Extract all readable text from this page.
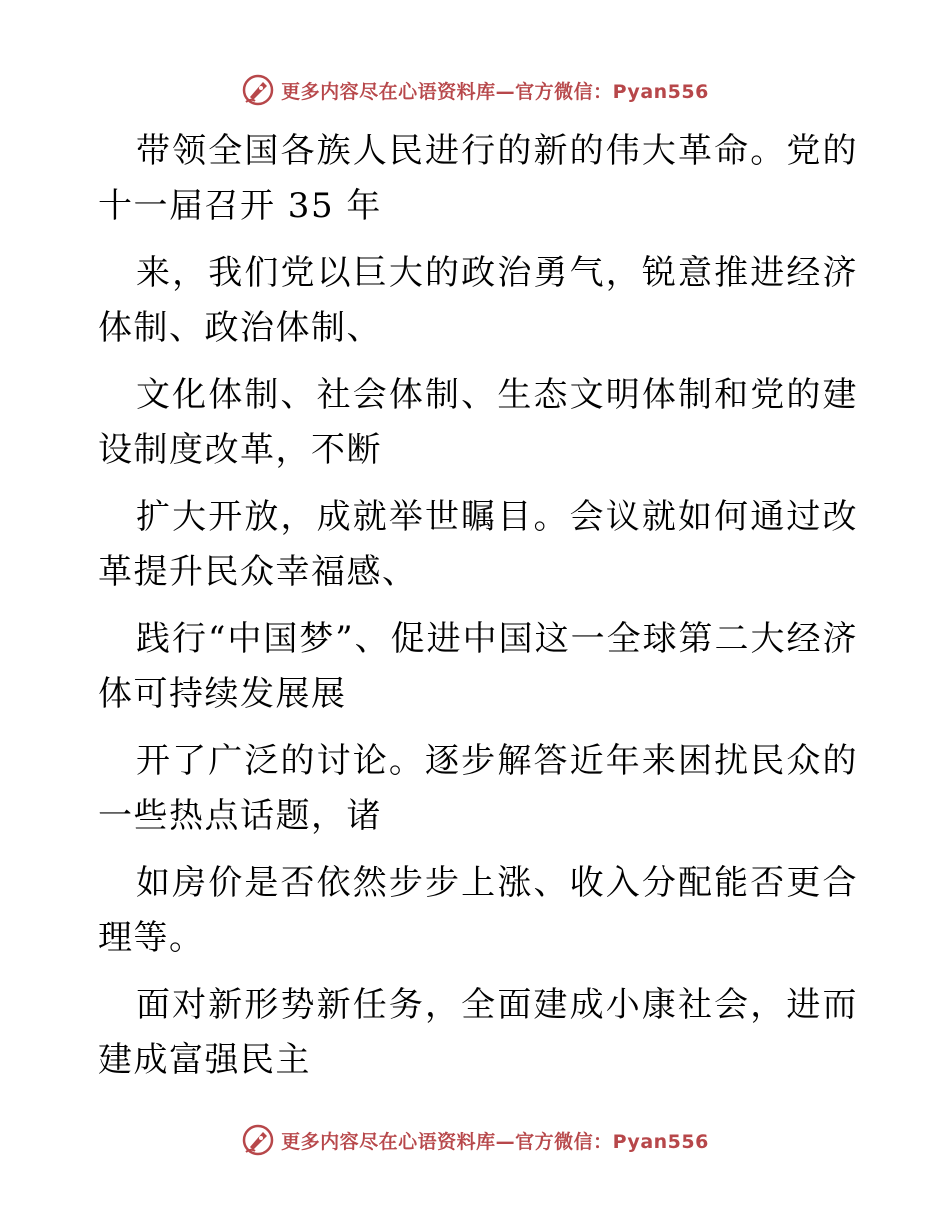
更多内容尽在心语资料库—官方微信：Pyan556

带领全国各族人民进行的新的伟大革命。党的十一届召开 35 年

来，我们党以巨大的政治勇气，锐意推进经济体制、政治体制、

文化体制、社会体制、生态文明体制和党的建设制度改革，不断

扩大开放，成就举世瞩目。会议就如何通过改革提升民众幸福感、

践行“中国梦”、促进中国这一全球第二大经济体可持续发展展

开了广泛的讨论。逐步解答近年来困扰民众的一些热点话题，诸

如房价是否依然步步上涨、收入分配能否更合理等。

面对新形势新任务，全面建成小康社会，进而建成富强民主

更多内容尽在心语资料库—官方微信：Pyan556
